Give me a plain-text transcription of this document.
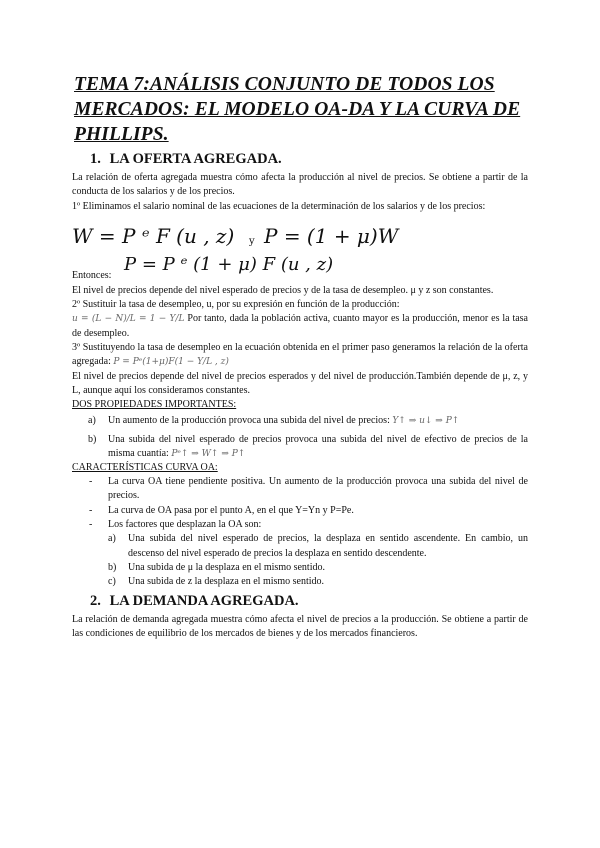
TEMA 7:ANÁLISIS CONJUNTO DE TODOS LOS MERCADOS: EL MODELO OA-DA Y LA CURVA DE PHILLIPS.
1. LA OFERTA AGREGADA.

La relación de oferta agregada muestra cómo afecta la producción al nivel de precios. Se obtiene a partir de la conducta de los salarios y de los precios.

1º Eliminamos el salario nominal de las ecuaciones de la determinación de los salarios y de los precios:

W = P ᵉ F (u , z) y P = (1 + μ)W
Entonces:
P = P ᵉ (1 + μ) F (u , z)

El nivel de precios depende del nivel esperado de precios y de la tasa de desempleo. μ y z son constantes.

2º Sustituir la tasa de desempleo, u, por su expresión en función de la producción:

u = (L − N)/L = 1 − Y/L Por tanto, dada la población activa, cuanto mayor es la producción, menor es la tasa de desempleo.

3º Sustituyendo la tasa de desempleo en la ecuación obtenida en el primer paso generamos la relación de la oferta agregada: P = Pᵉ(1+μ)F(1 − Y/L , z)

El nivel de precios depende del nivel de precios esperados y del nivel de producción.También depende de μ, z, y L, aunque aquí los consideramos constantes.

DOS PROPIEDADES IMPORTANTES:
a) Un aumento de la producción provoca una subida del nivel de precios: Y↑ ⇒ u↓ ⇒ P↑
b) Una subida del nivel esperado de precios provoca una subida del nivel de efectivo de precios de la misma cuantía: Pᵉ↑ ⇒ W↑ ⇒ P↑
CARACTERÍSTICAS CURVA OA:
- La curva OA tiene pendiente positiva. Un aumento de la producción provoca una subida del nivel de precios.
- La curva de OA pasa por el punto A, en el que Y=Yn y P=Pe.
- Los factores que desplazan la OA son:
a) Una subida del nivel esperado de precios, la desplaza en sentido ascendente. En cambio, un descenso del nivel esperado de precios la desplaza en sentido descendente.
b) Una subida de μ la desplaza en el mismo sentido.
c) Una subida de z la desplaza en el mismo sentido.
2. LA DEMANDA AGREGADA.

La relación de demanda agregada muestra cómo afecta el nivel de precios a la producción. Se obtiene a partir de las condiciones de equilibrio de los mercados de bienes y de los mercados financieros.
